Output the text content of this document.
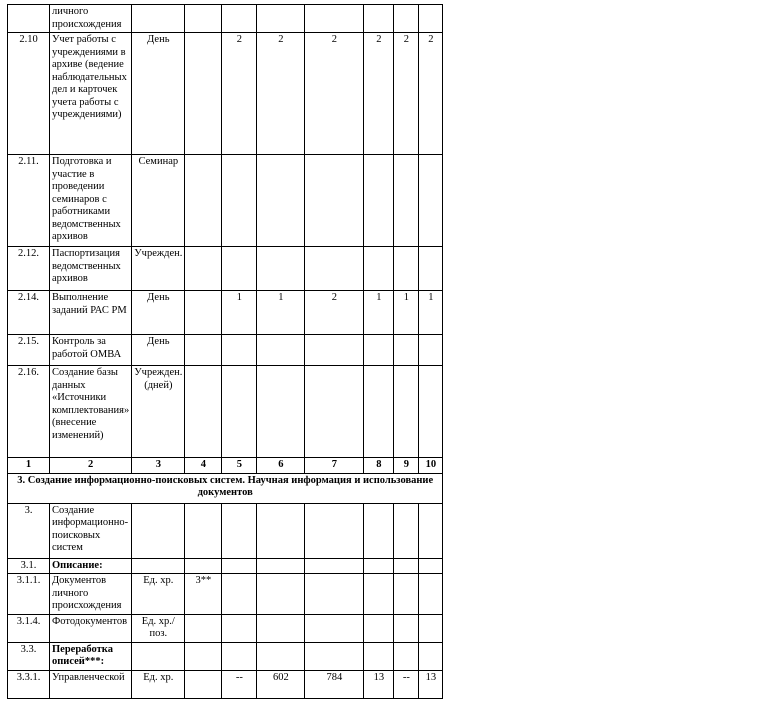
	личного происхождения								
2.10	Учет работы с учреждениями в архиве (ведение наблюдательных дел и карточек учета работы с учреждениями)	День		2	2	2	2	2	2
2.11.	Подготовка и участие в проведении семинаров с работниками ведомственных архивов	Семинар							
2.12.	Паспортизация ведомственных архивов	Учрежден.							
2.14.	Выполнение заданий РАС РМ	День		1	1	2	1	1	1
2.15.	Контроль за работой ОМВА	День							
2.16.	Создание базы данных «Источники комплектования» (внесение изменений)	Учрежден. (дней)							
1	2	3	4	5	6	7	8	9	10
3. Создание информационно-поисковых систем. Научная информация и использование документов									
3.	Создание информационно-поисковых систем								
3.1.	Описание:								
3.1.1.	Документов личного происхождения	Ед. хр.	3**						
3.1.4.	Фотодокументов	Ед. хр./поз.							
3.3.	Переработка описей***:								
3.3.1.	Управленческой	Ед. хр.		--	602	784	13	--	13
